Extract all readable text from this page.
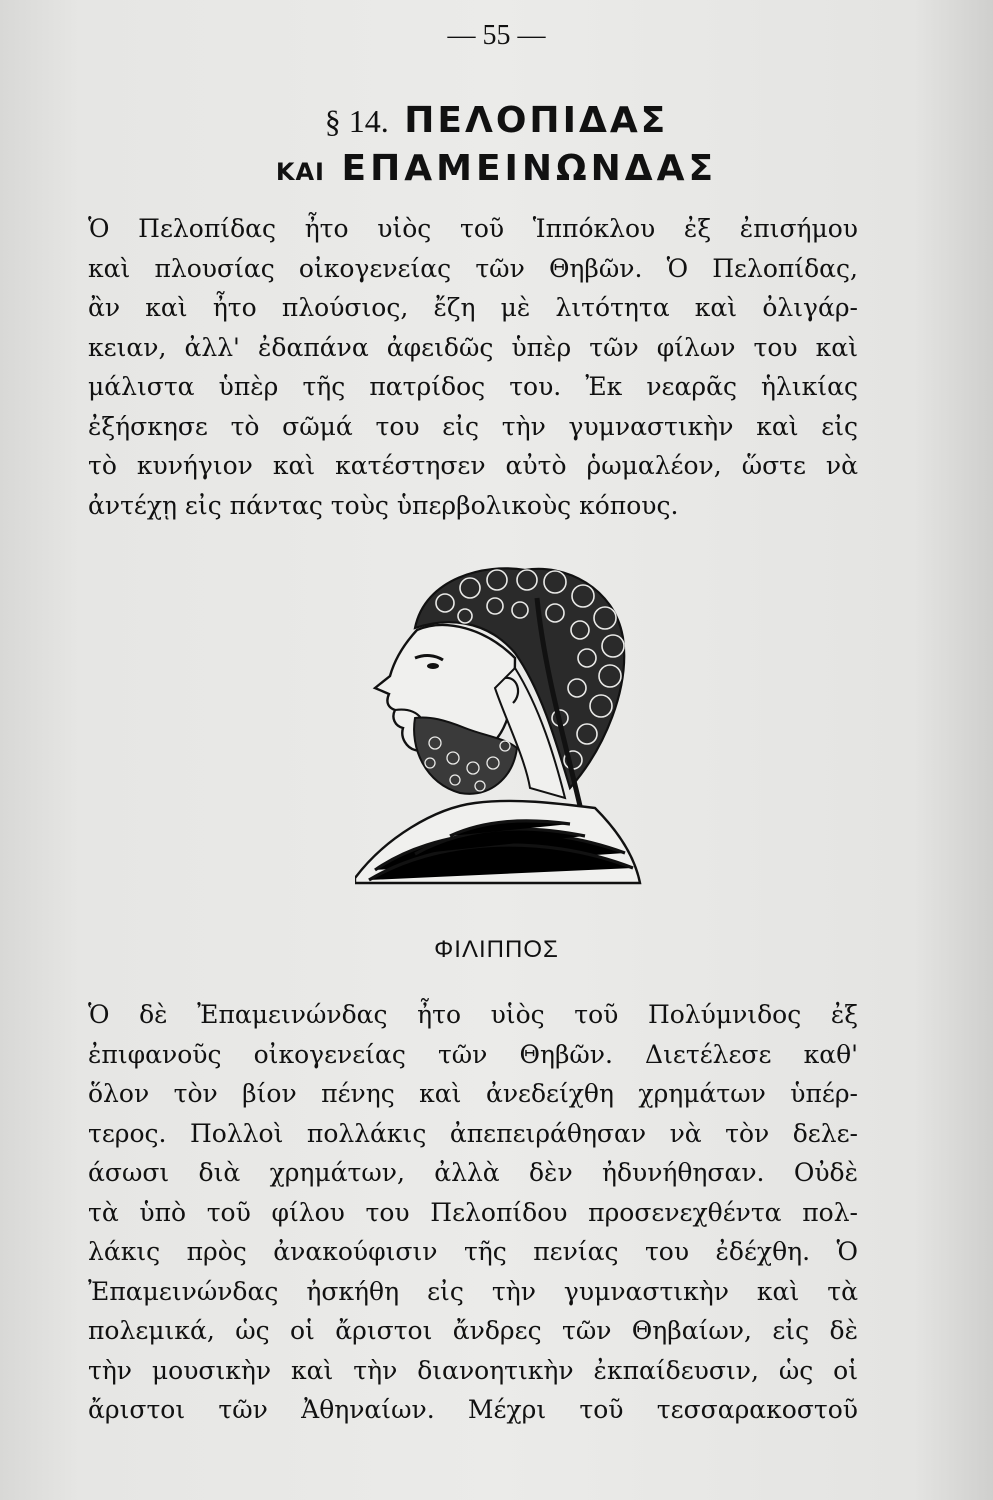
— 55 —
§ 14. ΠΕΛΟΠΙΔΑΣ
ΚΑΙ ΕΠΑΜΕΙΝΩΝΔΑΣ
Ὁ Πελοπίδας ἦτο υἱὸς τοῦ Ἱππόκλου ἐξ ἐπισήμου
καὶ πλουσίας οἰκογενείας τῶν Θηβῶν. Ὁ Πελοπίδας,
ἂν καὶ ἦτο πλούσιος, ἔζη μὲ λιτότητα καὶ ὀλιγάρ-
κειαν, ἀλλ' ἐδαπάνα ἀφειδῶς ὑπὲρ τῶν φίλων του καὶ
μάλιστα ὑπὲρ τῆς πατρίδος του. Ἐκ νεαρᾶς ἡλικίας
ἐξήσκησε τὸ σῶμά του εἰς τὴν γυμναστικὴν καὶ εἰς
τὸ κυνήγιον καὶ κατέστησεν αὐτὸ ῥωμαλέον, ὥστε νὰ
ἀντέχῃ εἰς πάντας τοὺς ὑπερβολικοὺς κόπους.
ΦΙΛΙΠΠΟΣ
Ὁ δὲ Ἐπαμεινώνδας ἦτο υἱὸς τοῦ Πολύμνιδος ἐξ
ἐπιφανοῦς οἰκογενείας τῶν Θηβῶν. Διετέλεσε καθ'
ὅλον τὸν βίον πένης καὶ ἀνεδείχθη χρημάτων ὑπέρ-
τερος. Πολλοὶ πολλάκις ἀπεπειράθησαν νὰ τὸν δελε-
άσωσι διὰ χρημάτων, ἀλλὰ δὲν ἠδυνήθησαν. Οὐδὲ
τὰ ὑπὸ τοῦ φίλου του Πελοπίδου προσενεχθέντα πολ-
λάκις πρὸς ἀνακούφισιν τῆς πενίας του ἐδέχθη. Ὁ
Ἐπαμεινώνδας ἠσκήθη εἰς τὴν γυμναστικὴν καὶ τὰ
πολεμικά, ὡς οἱ ἄριστοι ἄνδρες τῶν Θηβαίων, εἰς δὲ
τὴν μουσικὴν καὶ τὴν διανοητικὴν ἐκπαίδευσιν, ὡς οἱ
ἄριστοι τῶν Ἀθηναίων. Μέχρι τοῦ τεσσαρακοστοῦ
